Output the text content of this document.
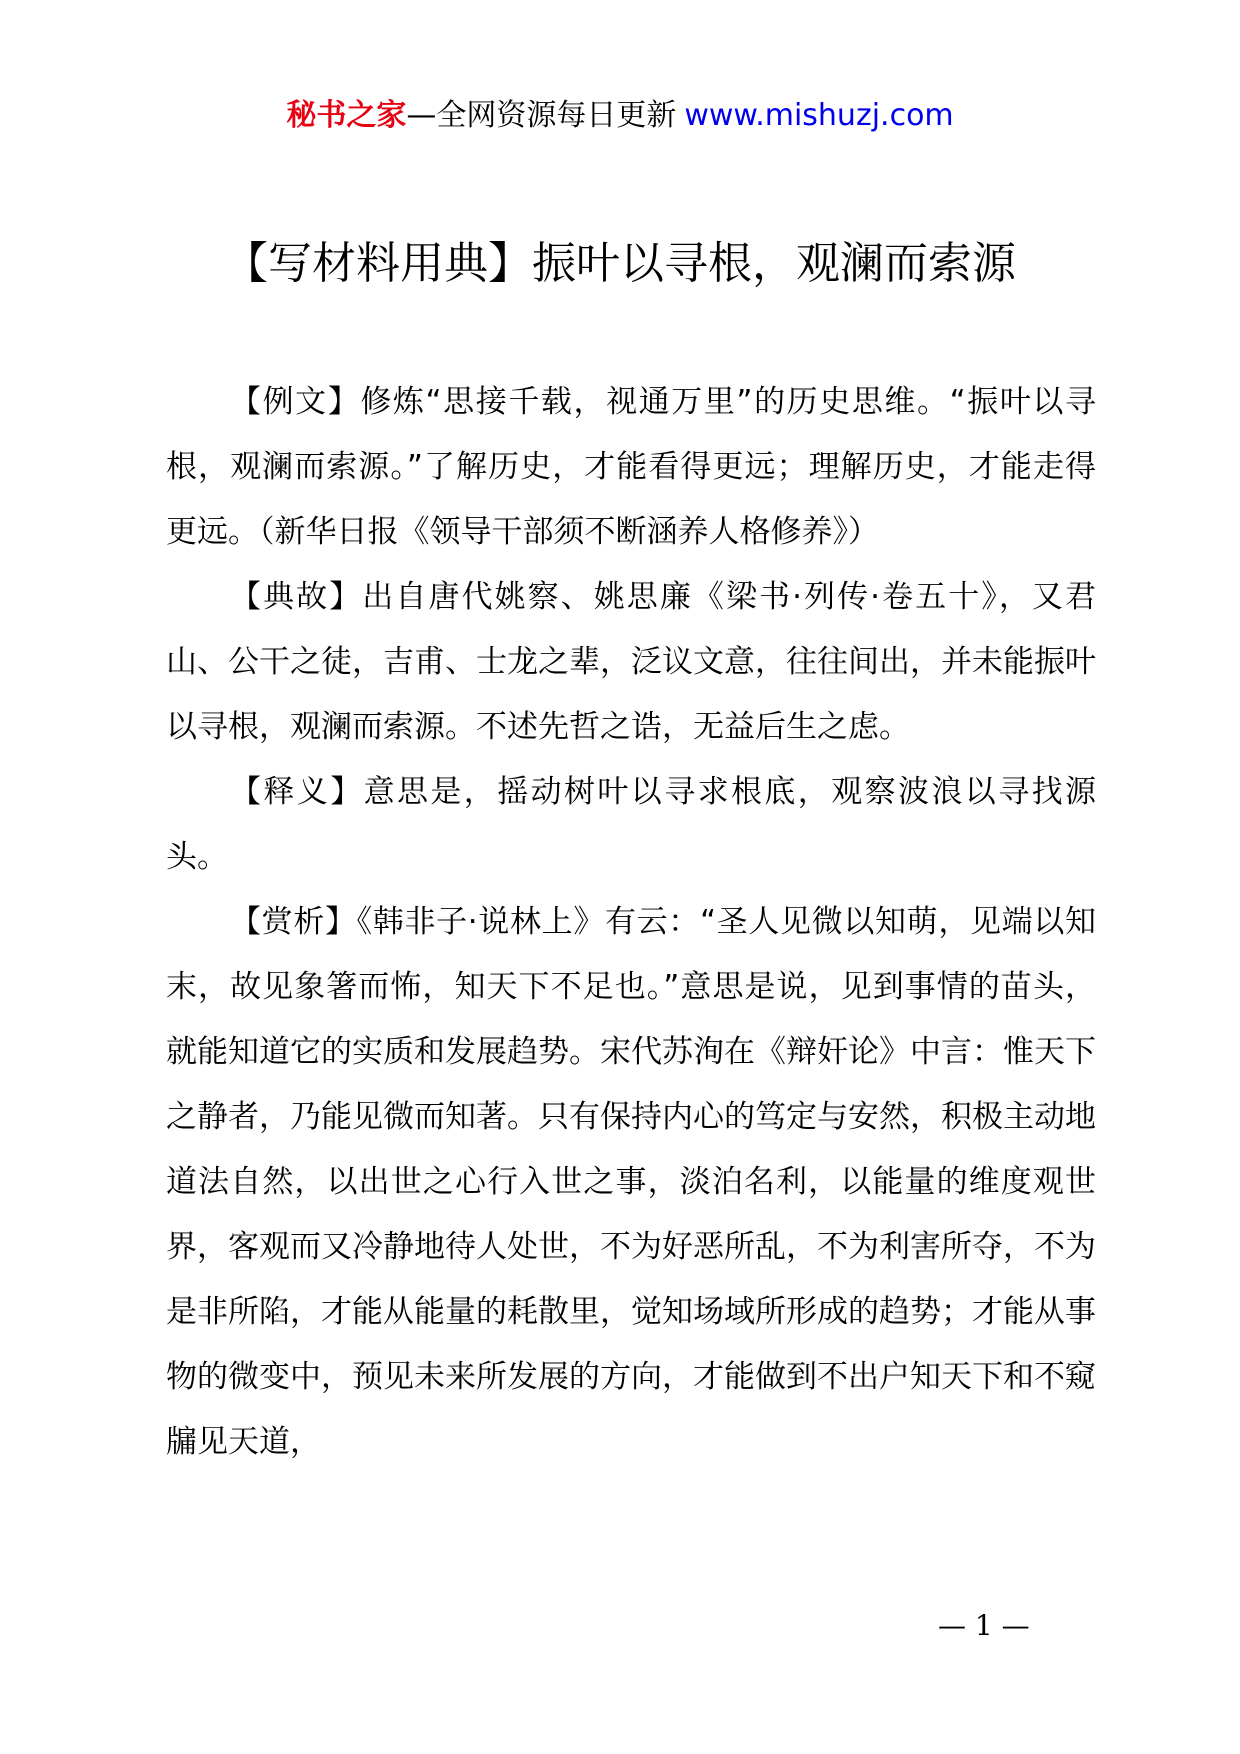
秘书之家—全网资源每日更新 www.mishuzj.com
【写材料用典】振叶以寻根，观澜而索源

【例文】修炼“思接千载，视通万里”的历史思维。“振叶以寻根，观澜而索源。”了解历史，才能看得更远；理解历史，才能走得更远。（新华日报《领导干部须不断涵养人格修养》）

【典故】出自唐代姚察、姚思廉《梁书·列传·卷五十》，又君山、公干之徒，吉甫、士龙之辈，泛议文意，往往间出，并未能振叶以寻根，观澜而索源。不述先哲之诰，无益后生之虑。

【释义】意思是，摇动树叶以寻求根底，观察波浪以寻找源头。

【赏析】《韩非子·说林上》有云：“圣人见微以知萌，见端以知末，故见象箸而怖，知天下不足也。”意思是说，见到事情的苗头，就能知道它的实质和发展趋势。宋代苏洵在《辩奸论》中言：惟天下之静者，乃能见微而知著。只有保持内心的笃定与安然，积极主动地道法自然，以出世之心行入世之事，淡泊名利，以能量的维度观世界，客观而又冷静地待人处世，不为好恶所乱，不为利害所夺，不为是非所陷，才能从能量的耗散里，觉知场域所形成的趋势；才能从事物的微变中，预见未来所发展的方向，才能做到不出户知天下和不窥牖见天道，

— 1 —
